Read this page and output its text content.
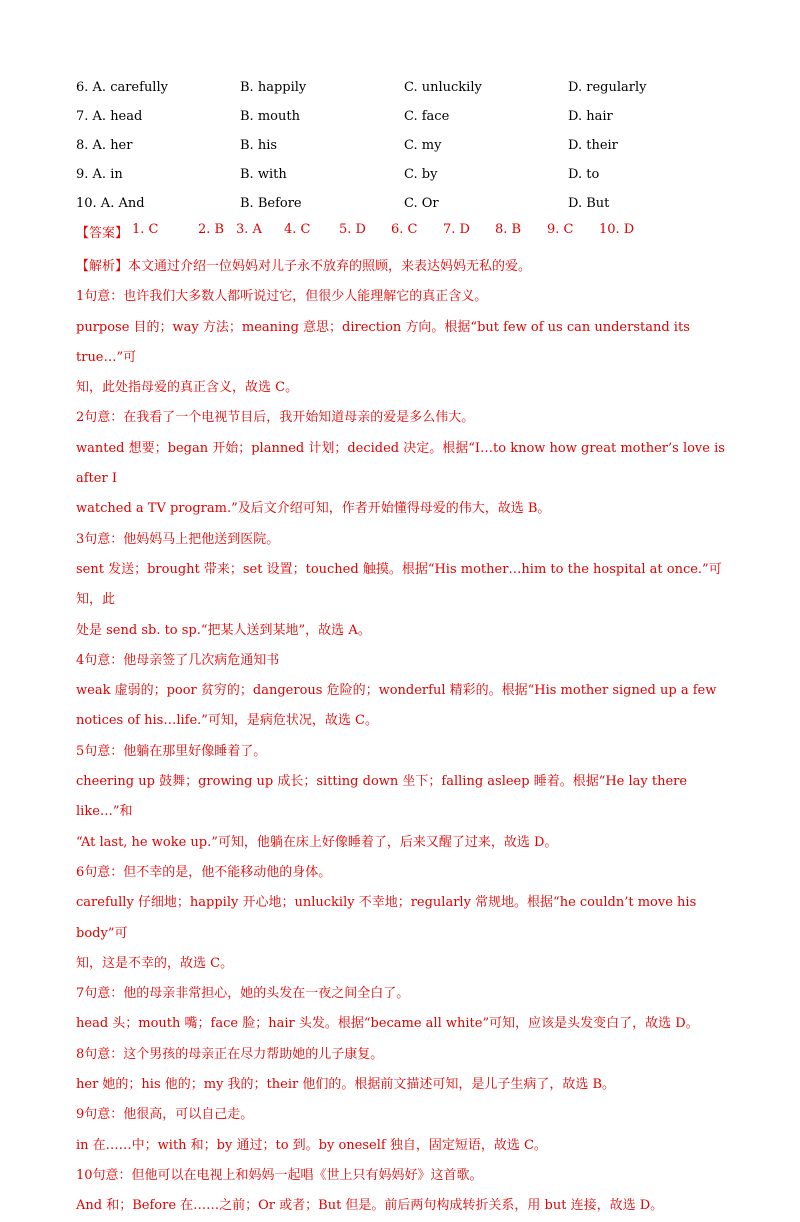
6. A. carefully	B. happily	C. unluckily	D. regularly
7. A. head	B. mouth	C. face	D. hair
8. A. her	B. his	C. my	D. their
9. A. in	B. with	C. by	D. to
10. A. And	B. Before	C. Or	D. But
【答案】 1. C	2. B 3. A 4. C 5. D 6. C 7. D 8. B 9. C 10. D

【解析】本文通过介绍一位妈妈对儿子永不放弃的照顾，来表达妈妈无私的爱。

1句意：也许我们大多数人都听说过它，但很少人能理解它的真正含义。

purpose 目的；way 方法；meaning 意思；direction 方向。根据“but few of us can understand its true…”可

知，此处指母爱的真正含义，故选 C。

2句意：在我看了一个电视节目后，我开始知道母亲的爱是多么伟大。

wanted 想要；began 开始；planned 计划；decided 决定。根据“I…to know how great mother’s love is after I

watched a TV program.”及后文介绍可知，作者开始懂得母爱的伟大，故选 B。

3句意：他妈妈马上把他送到医院。

sent 发送；brought 带来；set 设置；touched 触摸。根据“His mother…him to the hospital at once.”可知，此

处是 send sb. to sp.“把某人送到某地”，故选 A。

4句意：他母亲签了几次病危通知书

weak 虚弱的；poor 贫穷的；dangerous 危险的；wonderful 精彩的。根据“His mother signed up a few

notices of his…life.”可知，是病危状况，故选 C。

5句意：他躺在那里好像睡着了。

cheering up 鼓舞；growing up 成长；sitting down 坐下；falling asleep 睡着。根据“He lay there like…”和

“At last, he woke up.”可知，他躺在床上好像睡着了，后来又醒了过来，故选 D。

6句意：但不幸的是，他不能移动他的身体。

carefully 仔细地；happily 开心地；unluckily 不幸地；regularly 常规地。根据“he couldn’t move his body”可

知，这是不幸的，故选 C。

7句意：他的母亲非常担心，她的头发在一夜之间全白了。

head 头；mouth 嘴；face 脸；hair 头发。根据“became all white”可知，应该是头发变白了，故选 D。

8句意：这个男孩的母亲正在尽力帮助她的儿子康复。

her 她的；his 他的；my 我的；their 他们的。根据前文描述可知，是儿子生病了，故选 B。

9句意：他很高，可以自己走。

in 在……中；with 和；by 通过；to 到。by oneself 独自，固定短语，故选 C。

10句意：但他可以在电视上和妈妈一起唱《世上只有妈妈好》这首歌。

And 和；Before 在……之前；Or 或者；But 但是。前后两句构成转折关系，用 but 连接，故选 D。
